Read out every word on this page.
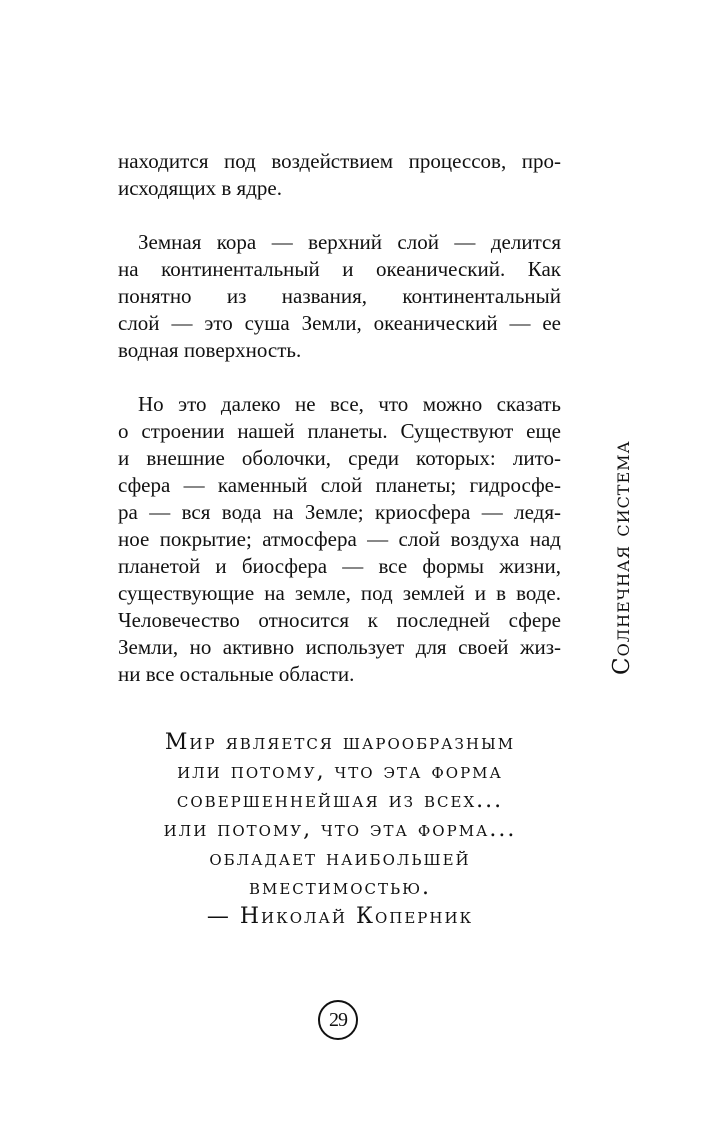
находится под воздействием процессов, про-
исходящих в ядре.
Земная кора — верхний слой — делится
на континентальный и океанический. Как
понятно из названия, континентальный
слой — это суша Земли, океанический — ее
водная поверхность.
Но это далеко не все, что можно сказать
о строении нашей планеты. Существуют еще
и внешние оболочки, среди которых: лито-
сфера — каменный слой планеты; гидросфе-
ра — вся вода на Земле; криосфера — ледя-
ное покрытие; атмосфера — слой воздуха над
планетой и биосфера — все формы жизни,
существующие на земле, под землей и в воде.
Человечество относится к последней сфере
Земли, но активно использует для своей жиз-
ни все остальные области.
Мир является шарообразным
или потому, что эта форма
совершеннейшая из всех...
или потому, что эта форма...
обладает наибольшей
вместимостью.
— Николай Коперник
Солнечная система
29
